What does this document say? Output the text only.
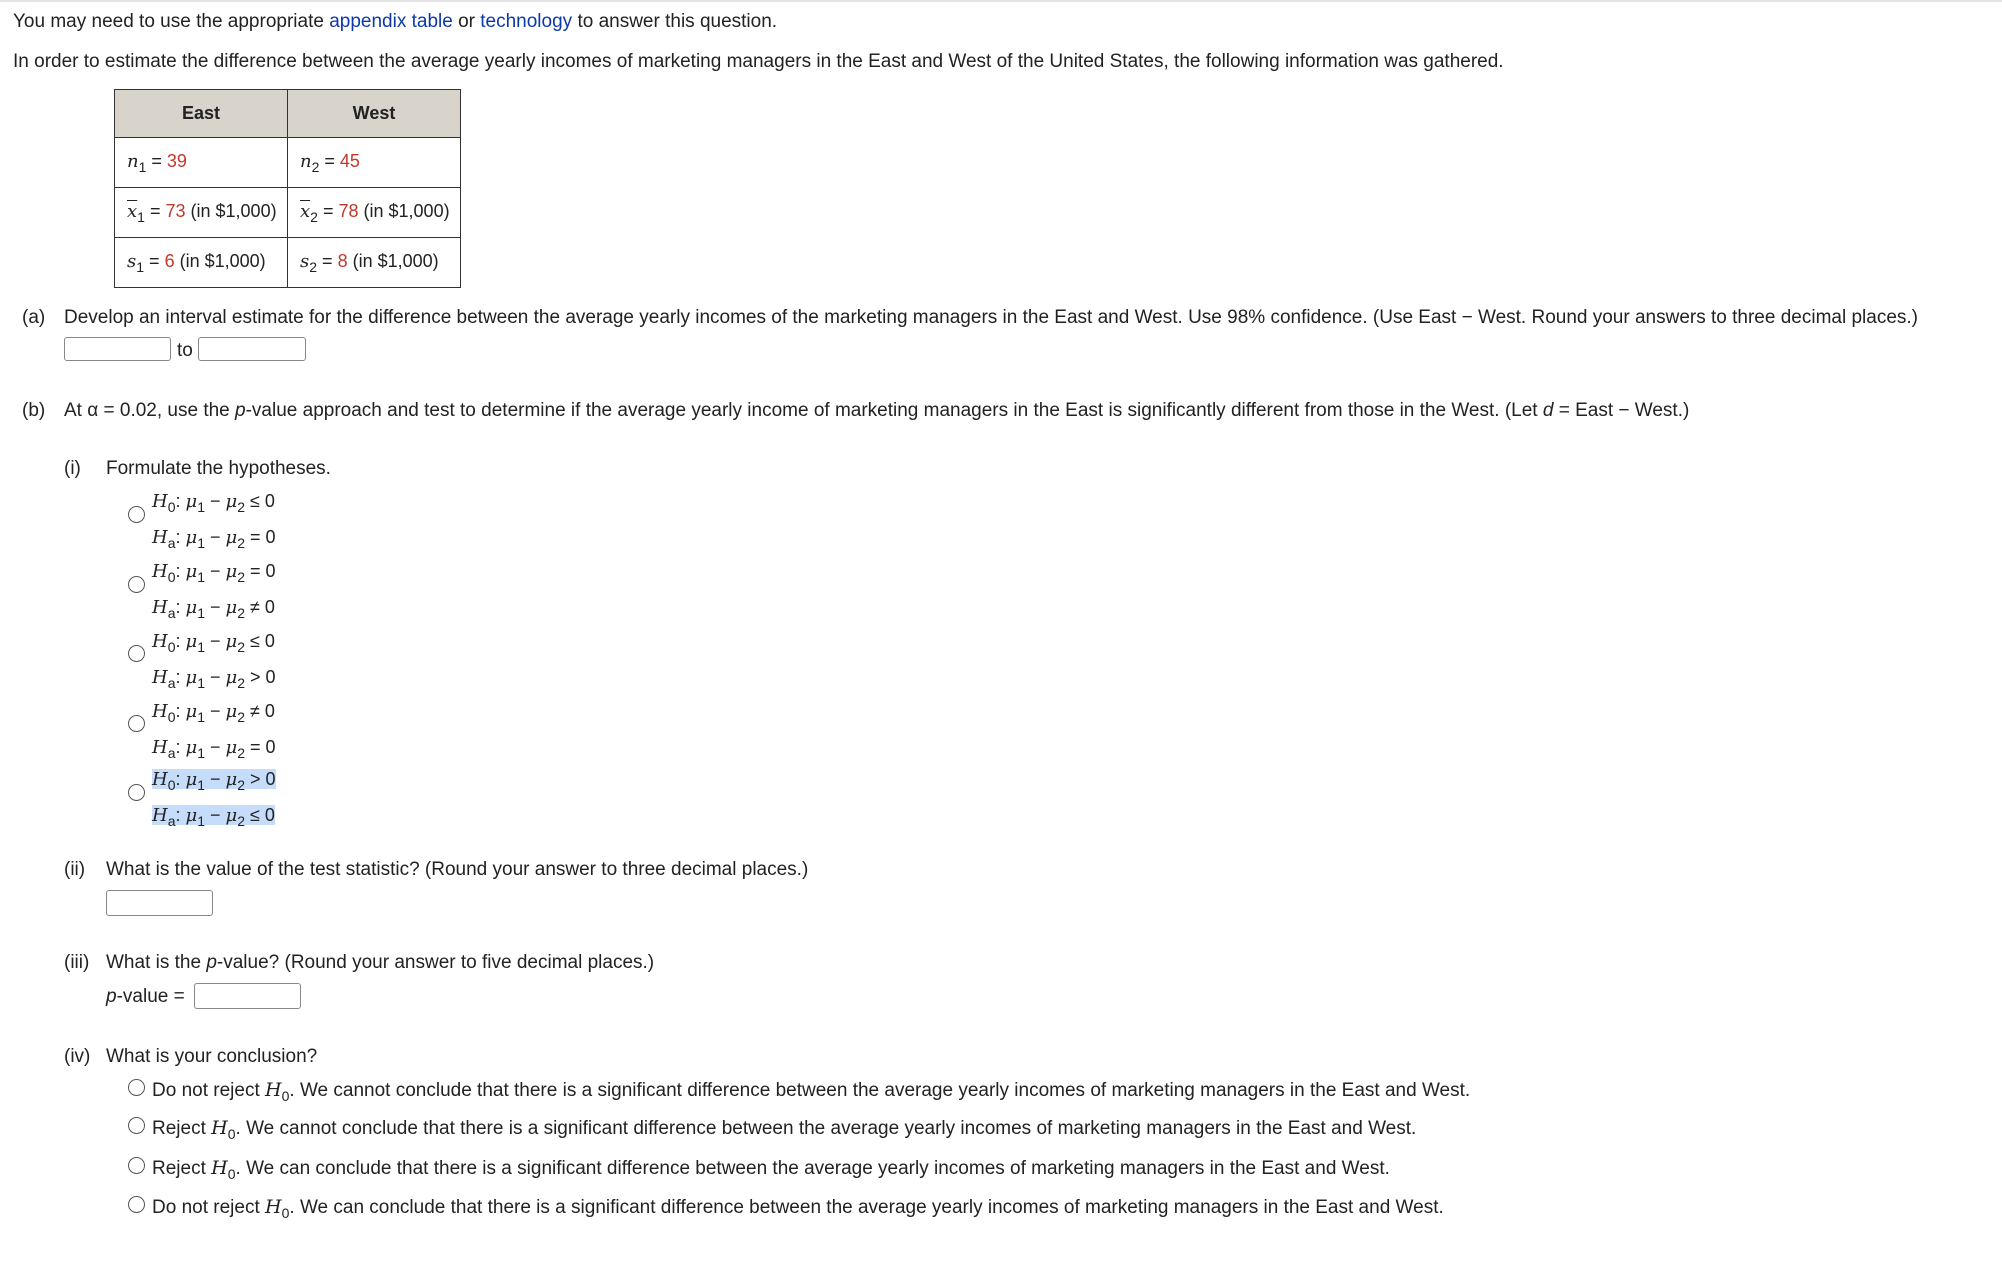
You may need to use the appropriate appendix table or technology to answer this question.
In order to estimate the difference between the average yearly incomes of marketing managers in the East and West of the United States, the following information was gathered.
East	West
$n_1 = 39$	$n_2 = 45$
$\overline{x}_1 = 73$ (in $1,000)	$\overline{x}_2 = 78$ (in $1,000)
$s_1 = 6$ (in $1,000)	$s_2 = 8$ (in $1,000)
(a) Develop an interval estimate for the difference between the average yearly incomes of the marketing managers in the East and West. Use 98% confidence. (Use East − West. Round your answers to three decimal places.)
to
(b) At α = 0.02, use the p-value approach and test to determine if the average yearly income of marketing managers in the East is significantly different from those in the West. (Let d = East − West.)
(i) Formulate the hypotheses.
$H_0$: $\mu_1 - \mu_2 \le 0$
$H_a$: $\mu_1 - \mu_2 = 0$
$H_0$: $\mu_1 - \mu_2 = 0$
$H_a$: $\mu_1 - \mu_2 \ne 0$
$H_0$: $\mu_1 - \mu_2 \le 0$
$H_a$: $\mu_1 - \mu_2 > 0$
$H_0$: $\mu_1 - \mu_2 \ne 0$
$H_a$: $\mu_1 - \mu_2 = 0$
$H_0$: $\mu_1 - \mu_2 > 0$
$H_a$: $\mu_1 - \mu_2 \le 0$
(ii) What is the value of the test statistic? (Round your answer to three decimal places.)
(iii) What is the p-value? (Round your answer to five decimal places.)
p-value =
(iv) What is your conclusion?
Do not reject $H_0$. We cannot conclude that there is a significant difference between the average yearly incomes of marketing managers in the East and West.
Reject $H_0$. We cannot conclude that there is a significant difference between the average yearly incomes of marketing managers in the East and West.
Reject $H_0$. We can conclude that there is a significant difference between the average yearly incomes of marketing managers in the East and West.
Do not reject $H_0$. We can conclude that there is a significant difference between the average yearly incomes of marketing managers in the East and West.
